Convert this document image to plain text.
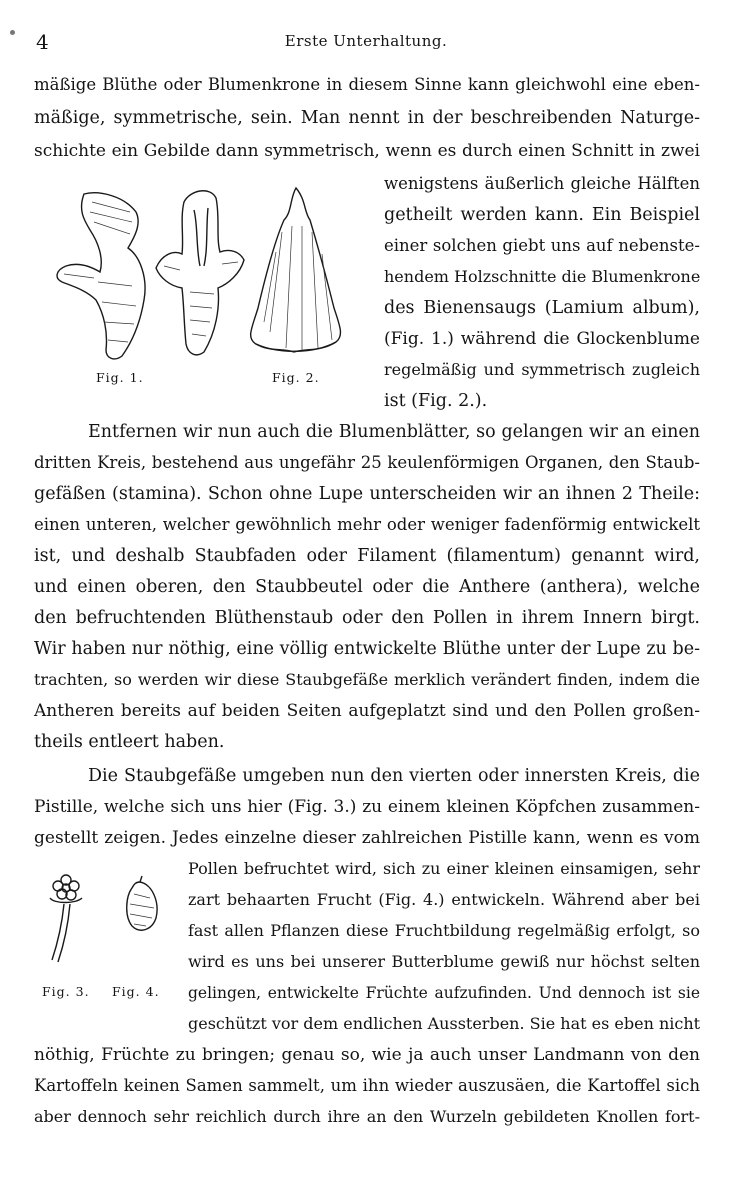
4	Erste Unterhaltung.
mäßige Blüthe oder Blumenkrone in diesem Sinne kann gleichwohl eine eben-
mäßige, symmetrische, sein. Man nennt in der beschreibenden Naturge-
schichte ein Gebilde dann symmetrisch, wenn es durch einen Schnitt in zwei
wenigstens äußerlich gleiche Hälften
getheilt werden kann. Ein Beispiel
einer solchen giebt uns auf nebenste-
hendem Holzschnitte die Blumenkrone
des Bienensaugs (Lamium album),
(Fig. 1.) während die Glockenblume
regelmäßig und symmetrisch zugleich
ist (Fig. 2.).
Fig. 1.	Fig. 2.
Entfernen wir nun auch die Blumenblätter, so gelangen wir an einen
dritten Kreis, bestehend aus ungefähr 25 keulenförmigen Organen, den Staub-
gefäßen (stamina). Schon ohne Lupe unterscheiden wir an ihnen 2 Theile:
einen unteren, welcher gewöhnlich mehr oder weniger fadenförmig entwickelt
ist, und deshalb Staubfaden oder Filament (filamentum) genannt wird,
und einen oberen, den Staubbeutel oder die Anthere (anthera), welche
den befruchtenden Blüthenstaub oder den Pollen in ihrem Innern birgt.
Wir haben nur nöthig, eine völlig entwickelte Blüthe unter der Lupe zu be-
trachten, so werden wir diese Staubgefäße merklich verändert finden, indem die
Antheren bereits auf beiden Seiten aufgeplatzt sind und den Pollen großen-
theils entleert haben.
Die Staubgefäße umgeben nun den vierten oder innersten Kreis, die
Pistille, welche sich uns hier (Fig. 3.) zu einem kleinen Köpfchen zusammen-
gestellt zeigen. Jedes einzelne dieser zahlreichen Pistille kann, wenn es vom
Pollen befruchtet wird, sich zu einer kleinen einsamigen, sehr
zart behaarten Frucht (Fig. 4.) entwickeln. Während aber bei
fast allen Pflanzen diese Fruchtbildung regelmäßig erfolgt, so
wird es uns bei unserer Butterblume gewiß nur höchst selten
gelingen, entwickelte Früchte aufzufinden. Und dennoch ist sie
geschützt vor dem endlichen Aussterben. Sie hat es eben nicht
nöthig, Früchte zu bringen; genau so, wie ja auch unser Landmann von den
Kartoffeln keinen Samen sammelt, um ihn wieder auszusäen, die Kartoffel sich
aber dennoch sehr reichlich durch ihre an den Wurzeln gebildeten Knollen fort-
Fig. 3. Fig. 4.
